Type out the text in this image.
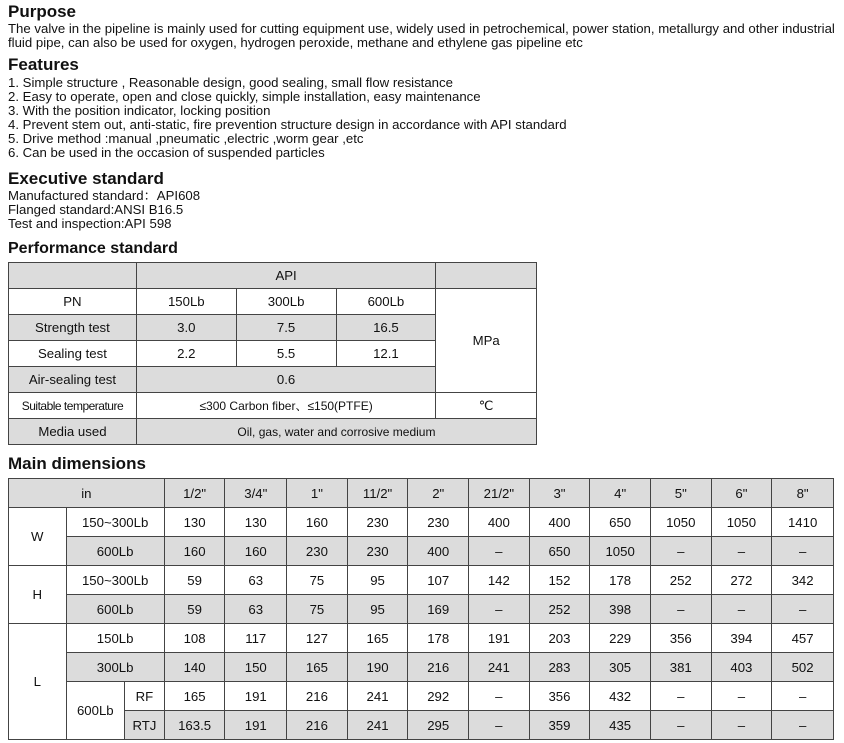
Purpose
The valve in the pipeline is mainly used for cutting equipment use, widely used in petrochemical, power station, metallurgy and other industrial fluid pipe, can also be used for oxygen, hydrogen peroxide, methane and ethylene gas pipeline etc
Features
1. Simple structure , Reasonable design, good sealing, small flow resistance
2. Easy to operate, open and close quickly, simple installation, easy maintenance
3. With the position indicator, locking position
4. Prevent stem out, anti-static, fire prevention structure design in accordance with API standard
5. Drive method :manual ,pneumatic ,electric ,worm gear ,etc
6. Can be used in the occasion of suspended particles
Executive standard
Manufactured standard：API608
Flanged standard:ANSI B16.5
Test and inspection:API 598
Performance standard
	API			
PN	150Lb	300Lb	600Lb	MPa
Strength test	3.0	7.5	16.5	
Sealing test	2.2	5.5	12.1	
Air-sealing test	0.6			
Suitable temperature	≤300 Carbon fiber、≤150(PTFE)			℃
Media used	Oil, gas, water and corrosive medium			
Main dimensions
in			1/2"	3/4"	1"	11/2"	2"	21/2"	3"	4"	5"	6"	8"
W	150~300Lb		130	130	160	230	230	400	400	650	1050	1050	1410
	600Lb		160	160	230	230	400	–	650	1050	–	–	–
H	150~300Lb		59	63	75	95	107	142	152	178	252	272	342
	600Lb		59	63	75	95	169	–	252	398	–	–	–
L	150Lb		108	117	127	165	178	191	203	229	356	394	457
	300Lb		140	150	165	190	216	241	283	305	381	403	502
	600Lb	RF	165	191	216	241	292	–	356	432	–	–	–
		RTJ	163.5	191	216	241	295	–	359	435	–	–	–
